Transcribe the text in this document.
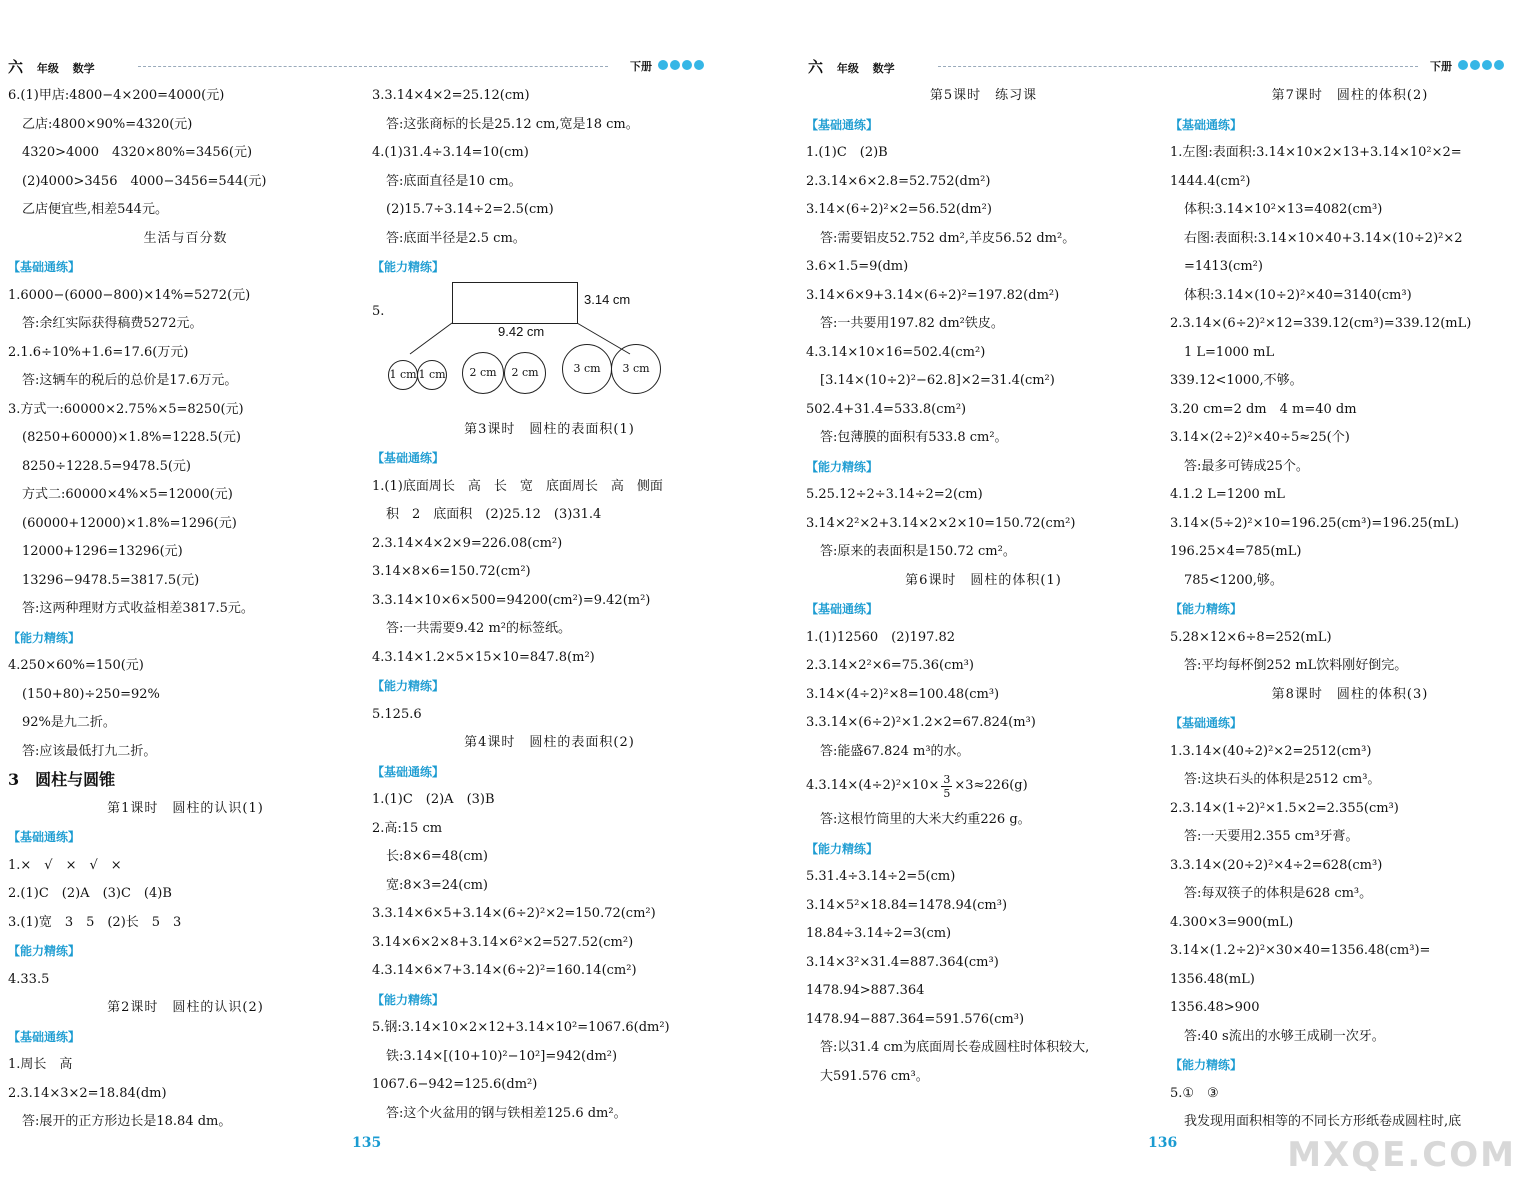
六 年级 数学	下册	六 年级 数学	下册
6.(1)甲店:4800−4×200=4000(元)
乙店:4800×90%=4320(元)
4320>4000　4320×80%=3456(元)
(2)4000>3456　4000−3456=544(元)
乙店便宜些,相差544元。
生活与百分数
【基础通练】
1.6000−(6000−800)×14%=5272(元)
答:余红实际获得稿费5272元。
2.1.6÷10%+1.6=17.6(万元)
答:这辆车的税后的总价是17.6万元。
3.方式一:60000×2.75%×5=8250(元)
(8250+60000)×1.8%=1228.5(元)
8250÷1228.5=9478.5(元)
方式二:60000×4%×5=12000(元)
(60000+12000)×1.8%=1296(元)
12000+1296=13296(元)
13296−9478.5=3817.5(元)
答:这两种理财方式收益相差3817.5元。
【能力精练】
4.250×60%=150(元)
(150+80)÷250=92%
92%是九二折。
答:应该最低打九二折。
3　圆柱与圆锥
第1课时　圆柱的认识(1)
【基础通练】
1.×　√　×　√　×
2.(1)C　(2)A　(3)C　(4)B
3.(1)宽　3　5　(2)长　5　3
【能力精练】
4.33.5
第2课时　圆柱的认识(2)
【基础通练】
1.周长　高
2.3.14×3×2=18.84(dm)
答:展开的正方形边长是18.84 dm。
3.3.14×4×2=25.12(cm)
答:这张商标的长是25.12 cm,宽是18 cm。
4.(1)31.4÷3.14=10(cm)
答:底面直径是10 cm。
(2)15.7÷3.14÷2=2.5(cm)
答:底面半径是2.5 cm。
【能力精练】
5.
3.14 cm
9.42 cm
1 cm 1 cm	2 cm	2 cm	3 cm	3 cm
第3课时　圆柱的表面积(1)
【基础通练】
1.(1)底面周长　高　长　宽　底面周长　高　侧面
积　2　底面积　(2)25.12　(3)31.4
2.3.14×4×2×9=226.08(cm²)
3.14×8×6=150.72(cm²)
3.3.14×10×6×500=94200(cm²)=9.42(m²)
答:一共需要9.42 m²的标签纸。
4.3.14×1.2×5×15×10=847.8(m²)
【能力精练】
5.125.6
第4课时　圆柱的表面积(2)
【基础通练】
1.(1)C　(2)A　(3)B
2.高:15 cm
长:8×6=48(cm)
宽:8×3=24(cm)
3.3.14×6×5+3.14×(6÷2)²×2=150.72(cm²)
3.14×6×2×8+3.14×6²×2=527.52(cm²)
4.3.14×6×7+3.14×(6÷2)²=160.14(cm²)
【能力精练】
5.钢:3.14×10×2×12+3.14×10²=1067.6(dm²)
铁:3.14×[(10+10)²−10²]=942(dm²)
1067.6−942=125.6(dm²)
答:这个火盆用的钢与铁相差125.6 dm²。
第5课时　练习课
【基础通练】
1.(1)C　(2)B
2.3.14×6×2.8=52.752(dm²)
3.14×(6÷2)²×2=56.52(dm²)
答:需要铝皮52.752 dm²,羊皮56.52 dm²。
3.6×1.5=9(dm)
3.14×6×9+3.14×(6÷2)²=197.82(dm²)
答:一共要用197.82 dm²铁皮。
4.3.14×10×16=502.4(cm²)
[3.14×(10÷2)²−62.8]×2=31.4(cm²)
502.4+31.4=533.8(cm²)
答:包薄膜的面积有533.8 cm²。
【能力精练】
5.25.12÷2÷3.14÷2=2(cm)
3.14×2²×2+3.14×2×2×10=150.72(cm²)
答:原来的表面积是150.72 cm²。
第6课时　圆柱的体积(1)
【基础通练】
1.(1)12560　(2)197.82
2.3.14×2²×6=75.36(cm³)
3.14×(4÷2)²×8=100.48(cm³)
3.3.14×(6÷2)²×1.2×2=67.824(m³)
答:能盛67.824 m³的水。
$4.3.14\times(4\div 2)^2\times 10\times \frac{3}{5} \times 3\approx 226(g)$
答:这根竹筒里的大米大约重226 g。
【能力精练】
5.31.4÷3.14÷2=5(cm)
3.14×5²×18.84=1478.94(cm³)
18.84÷3.14÷2=3(cm)
3.14×3²×31.4=887.364(cm³)
1478.94>887.364
1478.94−887.364=591.576(cm³)
答:以31.4 cm为底面周长卷成圆柱时体积较大,
大591.576 cm³。
第7课时　圆柱的体积(2)
【基础通练】
1.左图:表面积:3.14×10×2×13+3.14×10²×2=
1444.4(cm²)
体积:3.14×10²×13=4082(cm³)
右图:表面积:3.14×10×40+3.14×(10÷2)²×2
=1413(cm²)
体积:3.14×(10÷2)²×40=3140(cm³)
2.3.14×(6÷2)²×12=339.12(cm³)=339.12(mL)
1 L=1000 mL
339.12<1000,不够。
3.20 cm=2 dm　4 m=40 dm
3.14×(2÷2)²×40÷5≈25(个)
答:最多可铸成25个。
4.1.2 L=1200 mL
3.14×(5÷2)²×10=196.25(cm³)=196.25(mL)
196.25×4=785(mL)
785<1200,够。
【能力精练】
5.28×12×6÷8=252(mL)
答:平均每杯倒252 mL饮料刚好倒完。
第8课时　圆柱的体积(3)
【基础通练】
1.3.14×(40÷2)²×2=2512(cm³)
答:这块石头的体积是2512 cm³。
2.3.14×(1÷2)²×1.5×2=2.355(cm³)
答:一天要用2.355 cm³牙膏。
3.3.14×(20÷2)²×4÷2=628(cm³)
答:每双筷子的体积是628 cm³。
4.300×3=900(mL)
3.14×(1.2÷2)²×30×40=1356.48(cm³)=
1356.48(mL)
1356.48>900
答:40 s流出的水够王成刷一次牙。
【能力精练】
5.①　③
我发现用面积相等的不同长方形纸卷成圆柱时,底
135	136	MXQE.COM
